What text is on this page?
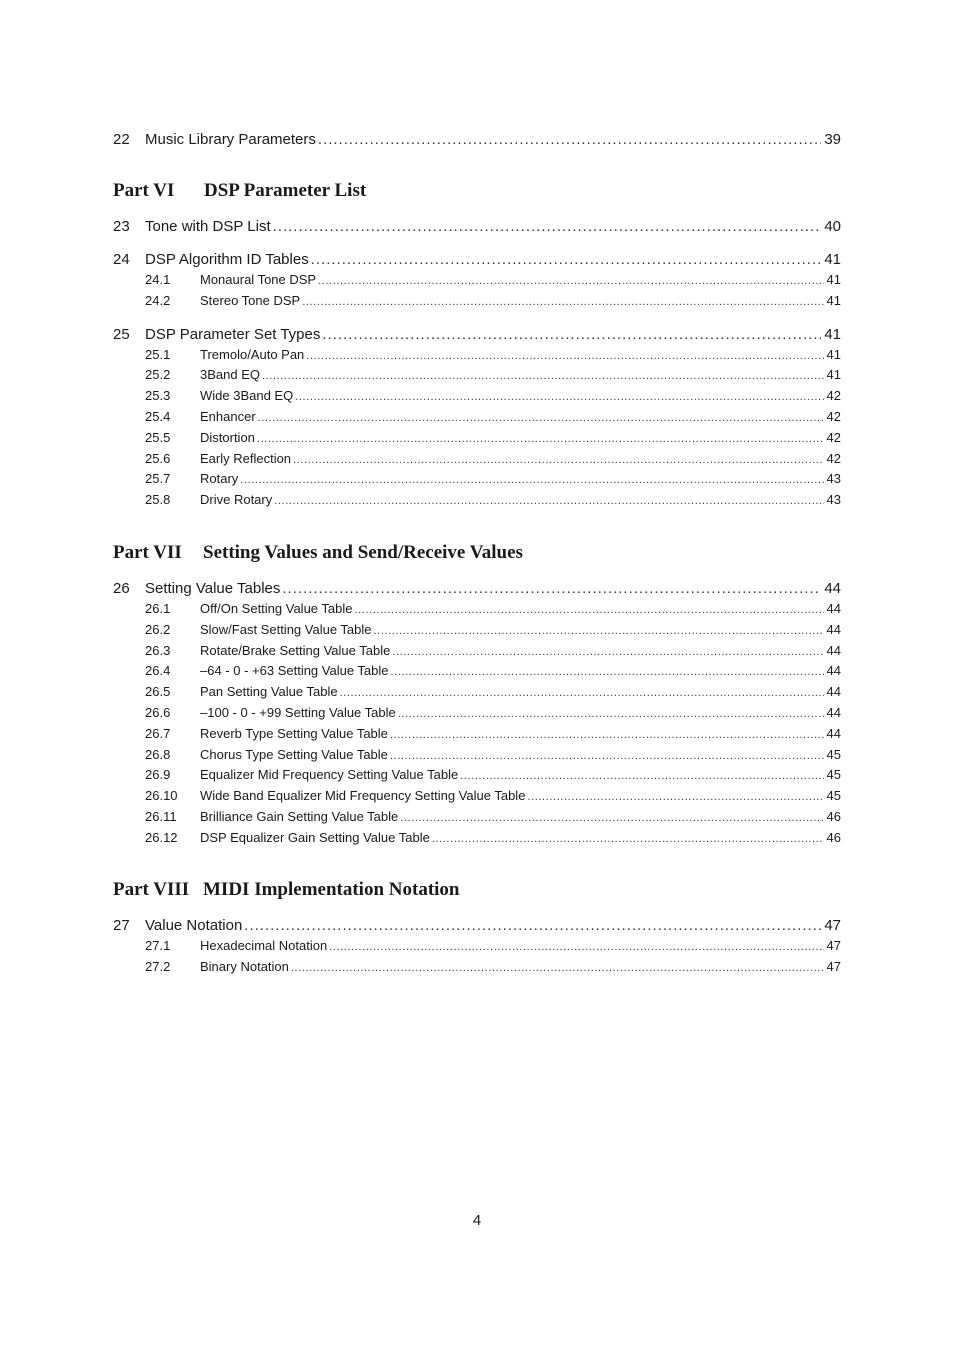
22	Music Library Parameters .....	39
Part VI DSP Parameter List
23	Tone with DSP List .....	40
24	DSP Algorithm ID Tables .....	41
24.1	Monaural Tone DSP .....	41
24.2	Stereo Tone DSP .....	41
25	DSP Parameter Set Types .....	41
25.1	Tremolo/Auto Pan .....	41
25.2	3Band EQ .....	41
25.3	Wide 3Band EQ .....	42
25.4	Enhancer .....	42
25.5	Distortion .....	42
25.6	Early Reflection .....	42
25.7	Rotary .....	43
25.8	Drive Rotary .....	43
Part VII Setting Values and Send/Receive Values
26	Setting Value Tables .....	44
26.1	Off/On Setting Value Table .....	44
26.2	Slow/Fast Setting Value Table .....	44
26.3	Rotate/Brake Setting Value Table .....	44
26.4	–64 - 0 - +63 Setting Value Table .....	44
26.5	Pan Setting Value Table .....	44
26.6	–100 - 0 - +99 Setting Value Table .....	44
26.7	Reverb Type Setting Value Table .....	44
26.8	Chorus Type Setting Value Table .....	45
26.9	Equalizer Mid Frequency Setting Value Table .....	45
26.10	Wide Band Equalizer Mid Frequency Setting Value Table .....	45
26.11	Brilliance Gain Setting Value Table .....	46
26.12	DSP Equalizer Gain Setting Value Table .....	46
Part VIII MIDI Implementation Notation
27	Value Notation .....	47
27.1	Hexadecimal Notation .....	47
27.2	Binary Notation .....	47
4
